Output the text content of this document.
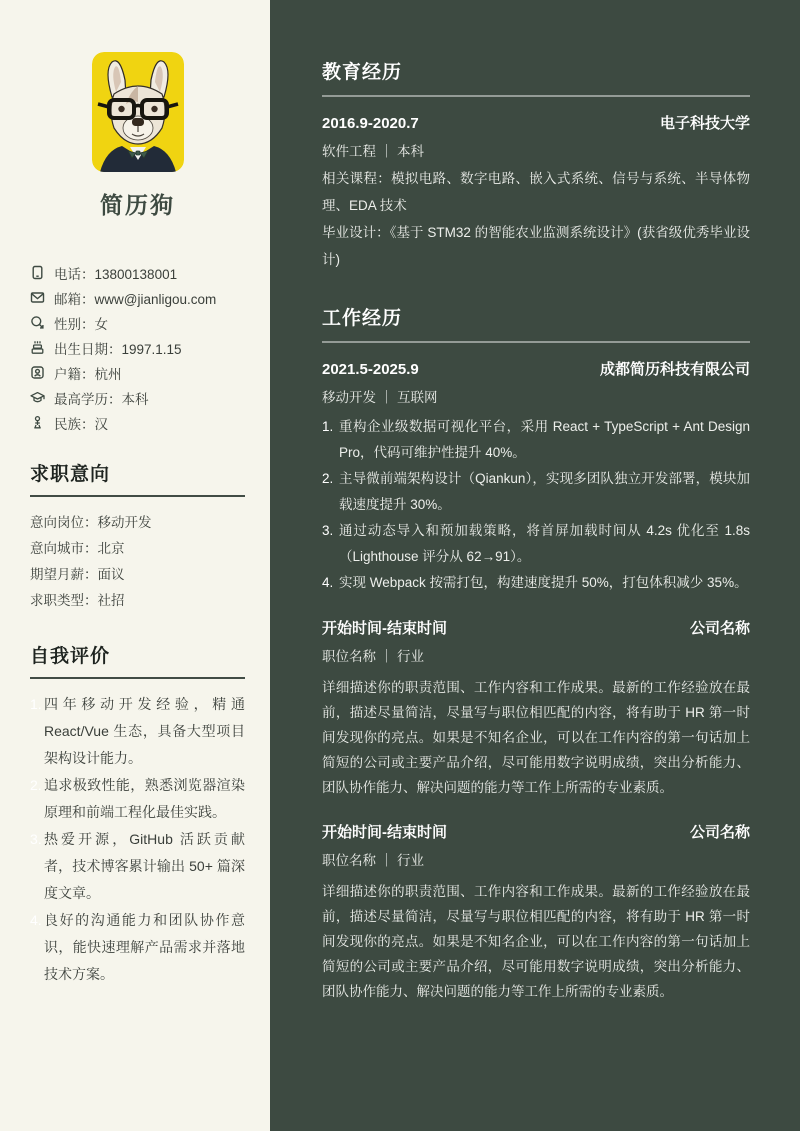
简历狗
电话：13800138001
邮箱：www@jianligou.com
性别：女
出生日期：1997.1.15
户籍：杭州
最高学历：本科
民族：汉
求职意向
意向岗位：移动开发
意向城市：北京
期望月薪：面议
求职类型：社招
自我评价
四年移动开发经验，精通 React/Vue 生态，具备大型项目架构设计能力。
追求极致性能，熟悉浏览器渲染原理和前端工程化最佳实践。
热爱开源，GitHub 活跃贡献者，技术博客累计输出 50+ 篇深度文章。
良好的沟通能力和团队协作意识，能快速理解产品需求并落地技术方案。
教育经历
2016.9-2020.7	电子科技大学
软件工程 ｜ 本科

相关课程：模拟电路、数字电路、嵌入式系统、信号与系统、半导体物理、EDA 技术

毕业设计：《基于 STM32 的智能农业监测系统设计》(获省级优秀毕业设计)

工作经历
2021.5-2025.9	成都简历科技有限公司
移动开发 ｜ 互联网
重构企业级数据可视化平台，采用 React + TypeScript + Ant Design Pro，代码可维护性提升 40%。
主导微前端架构设计（Qiankun），实现多团队独立开发部署，模块加载速度提升 30%。
通过动态导入和预加载策略，将首屏加载时间从 4.2s 优化至 1.8s（Lighthouse 评分从 62→91）。
实现 Webpack 按需打包，构建速度提升 50%，打包体积减少 35%。
开始时间-结束时间	公司名称
职位名称 ｜ 行业

详细描述你的职责范围、工作内容和工作成果。最新的工作经验放在最前，描述尽量简洁，尽量写与职位相匹配的内容，将有助于 HR 第一时间发现你的亮点。如果是不知名企业，可以在工作内容的第一句话加上简短的公司或主要产品介绍，尽可能用数字说明成绩，突出分析能力、团队协作能力、解决问题的能力等工作上所需的专业素质。

开始时间-结束时间	公司名称
职位名称 ｜ 行业

详细描述你的职责范围、工作内容和工作成果。最新的工作经验放在最前，描述尽量简洁，尽量写与职位相匹配的内容，将有助于 HR 第一时间发现你的亮点。如果是不知名企业，可以在工作内容的第一句话加上简短的公司或主要产品介绍，尽可能用数字说明成绩，突出分析能力、团队协作能力、解决问题的能力等工作上所需的专业素质。
